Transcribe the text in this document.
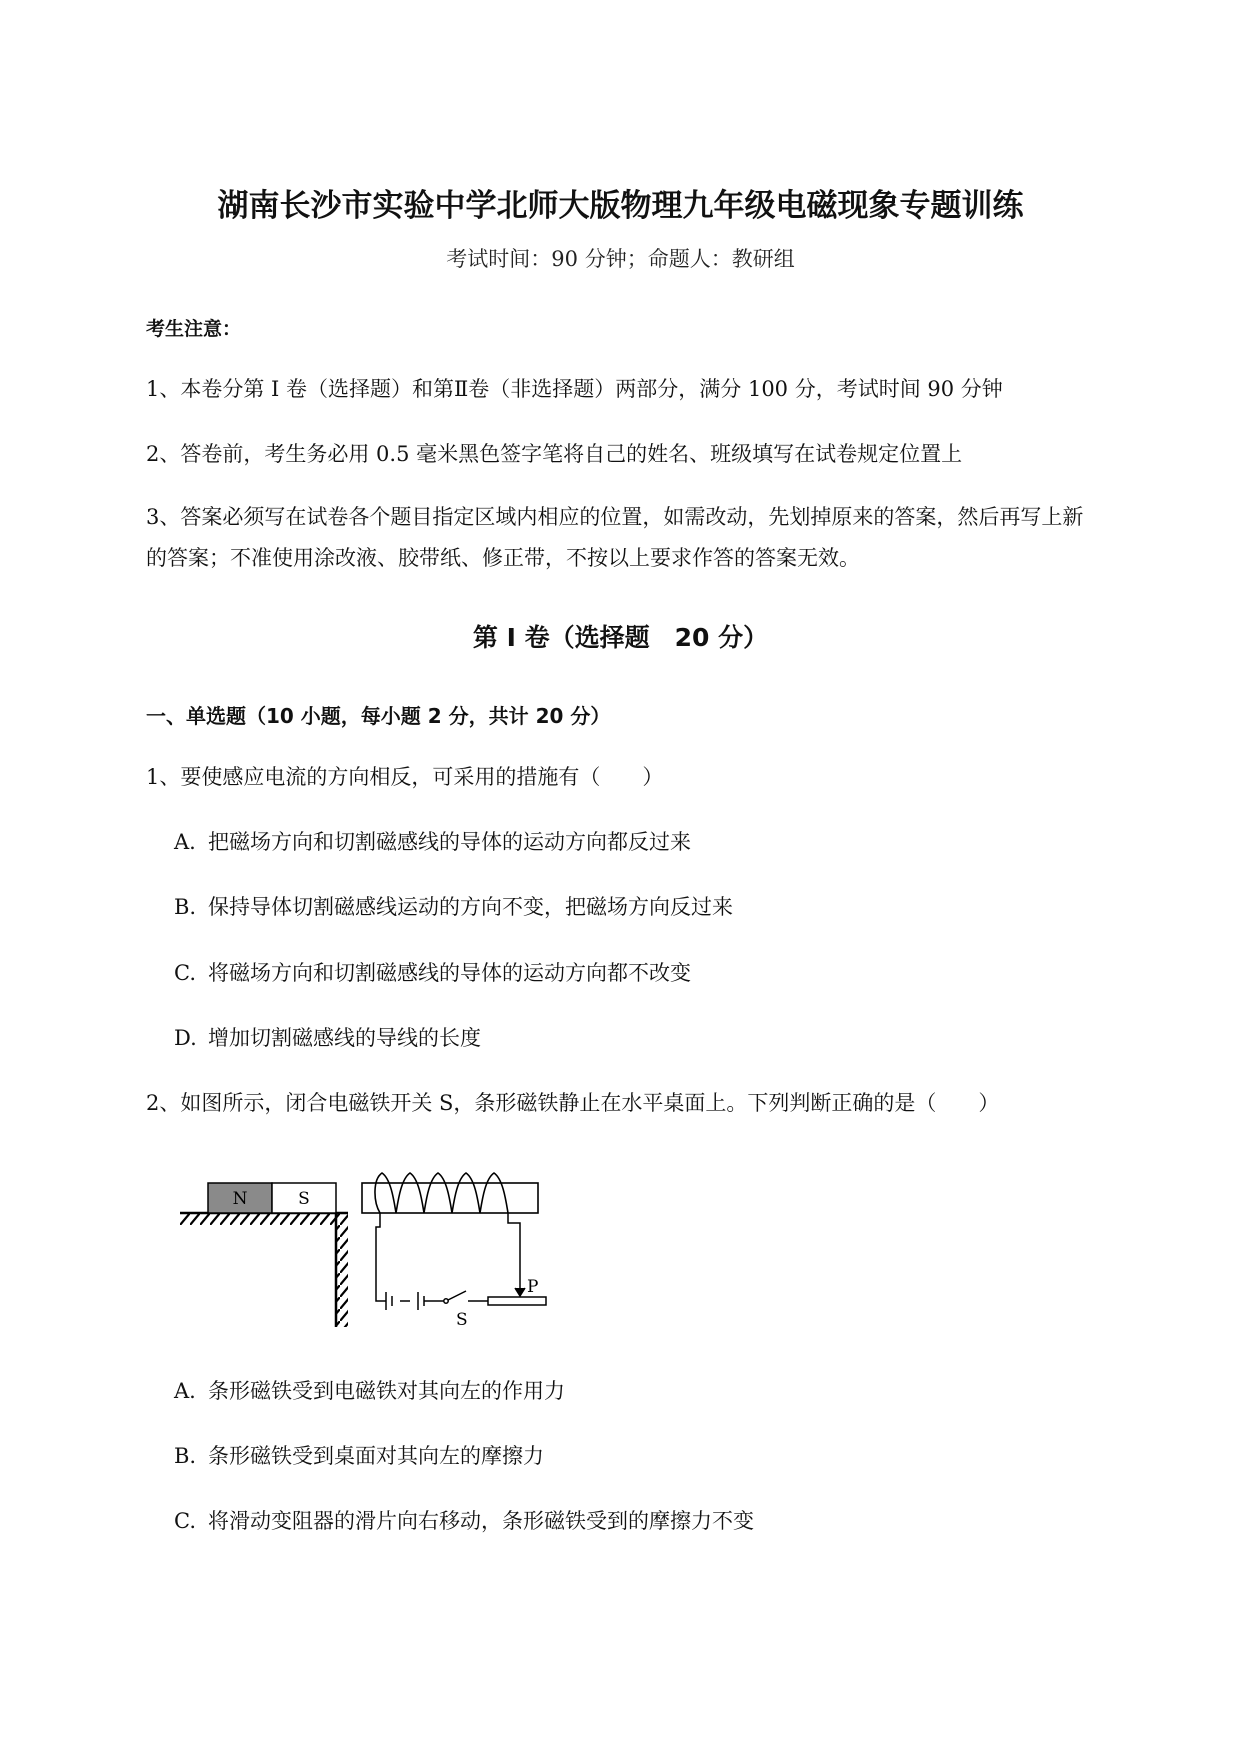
湖南长沙市实验中学北师大版物理九年级电磁现象专题训练
考试时间：90 分钟；命题人：教研组
考生注意：
1、本卷分第 I 卷（选择题）和第Ⅱ卷（非选择题）两部分，满分 100 分，考试时间 90 分钟
2、答卷前，考生务必用 0.5 毫米黑色签字笔将自己的姓名、班级填写在试卷规定位置上
3、答案必须写在试卷各个题目指定区域内相应的位置，如需改动，先划掉原来的答案，然后再写上新
的答案；不准使用涂改液、胶带纸、修正带，不按以上要求作答的答案无效。
第 I 卷（选择题　20 分）
一、单选题（10 小题，每小题 2 分，共计 20 分）
1、要使感应电流的方向相反，可采用的措施有（　　）
A. 把磁场方向和切割磁感线的导体的运动方向都反过来
B. 保持导体切割磁感线运动的方向不变，把磁场方向反过来
C. 将磁场方向和切割磁感线的导体的运动方向都不改变
D. 增加切割磁感线的导线的长度
2、如图所示，闭合电磁铁开关 S，条形磁铁静止在水平桌面上。下列判断正确的是（　　）
N	S
S
P
A. 条形磁铁受到电磁铁对其向左的作用力
B. 条形磁铁受到桌面对其向左的摩擦力
C. 将滑动变阻器的滑片向右移动，条形磁铁受到的摩擦力不变
